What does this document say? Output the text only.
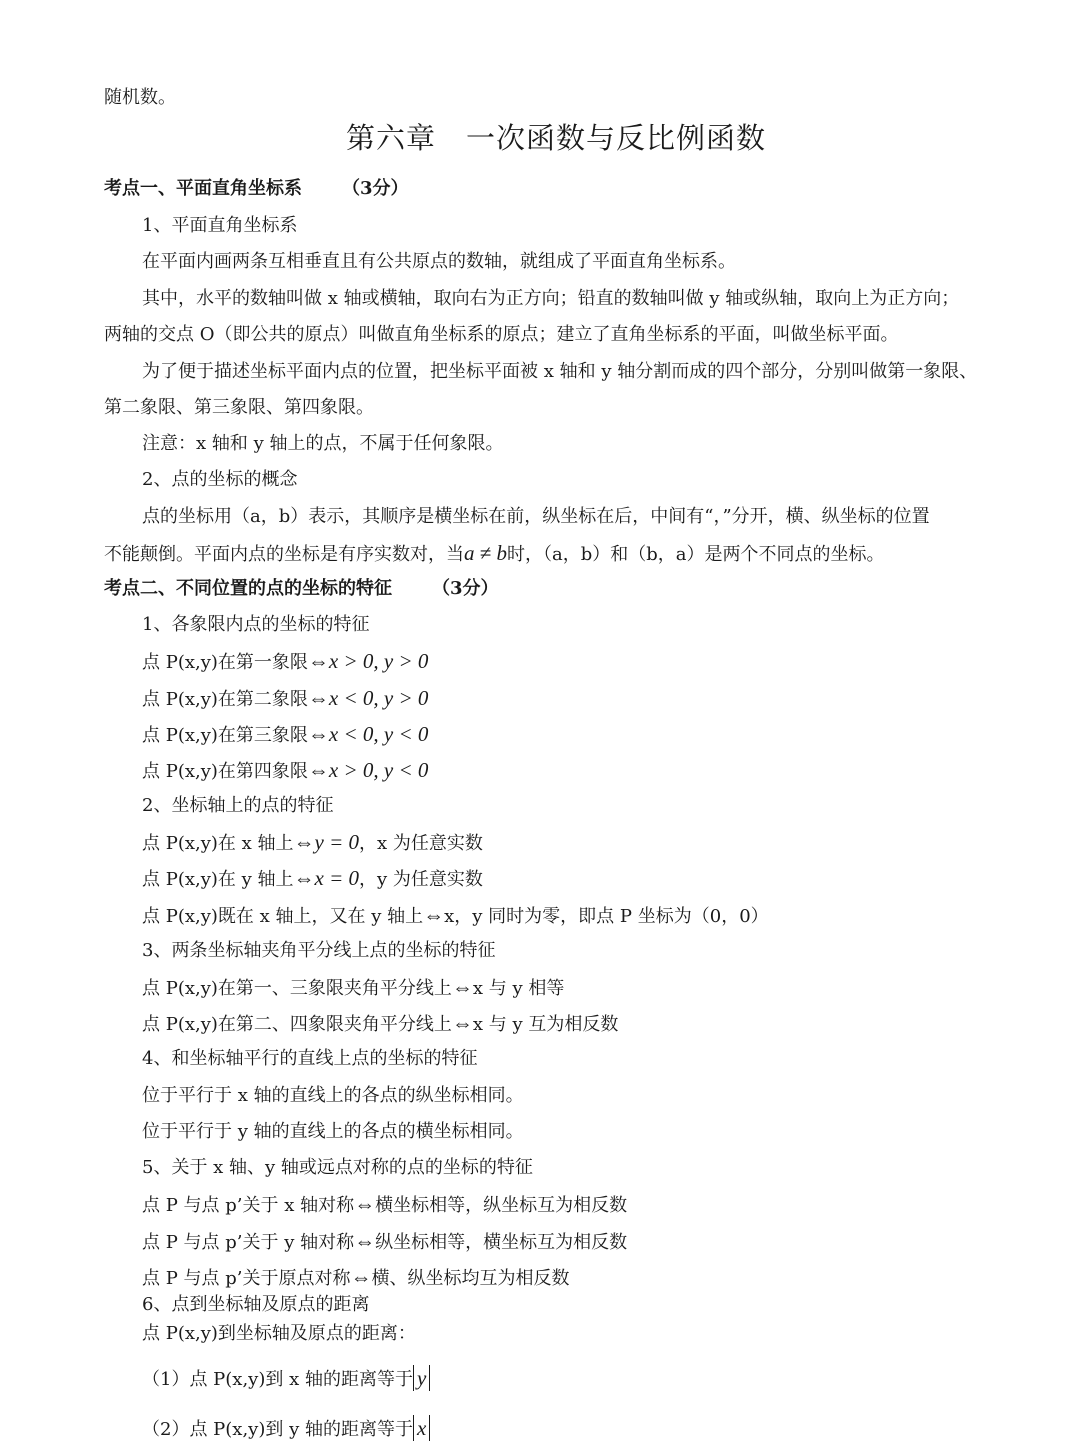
随机数。
第六章　一次函数与反比例函数
考点一、平面直角坐标系 （3分）
1、平面直角坐标系
在平面内画两条互相垂直且有公共原点的数轴，就组成了平面直角坐标系。
其中，水平的数轴叫做 x 轴或横轴，取向右为正方向；铅直的数轴叫做 y 轴或纵轴，取向上为正方向；
两轴的交点 O（即公共的原点）叫做直角坐标系的原点；建立了直角坐标系的平面，叫做坐标平面。
为了便于描述坐标平面内点的位置，把坐标平面被 x 轴和 y 轴分割而成的四个部分，分别叫做第一象限、
第二象限、第三象限、第四象限。
注意：x 轴和 y 轴上的点，不属于任何象限。
2、点的坐标的概念
点的坐标用（a，b）表示，其顺序是横坐标在前，纵坐标在后，中间有“，”分开，横、纵坐标的位置
不能颠倒。平面内点的坐标是有序实数对，当a ≠ b时，（a，b）和（b，a）是两个不同点的坐标。
考点二、不同位置的点的坐标的特征 （3分）
1、各象限内点的坐标的特征
点 P(x,y)在第一象限⇔x > 0, y > 0
点 P(x,y)在第二象限⇔x < 0, y > 0
点 P(x,y)在第三象限⇔x < 0, y < 0
点 P(x,y)在第四象限⇔x > 0, y < 0
2、坐标轴上的点的特征
点 P(x,y)在 x 轴上⇔y = 0，x 为任意实数
点 P(x,y)在 y 轴上⇔x = 0，y 为任意实数
点 P(x,y)既在 x 轴上，又在 y 轴上⇔x，y 同时为零，即点 P 坐标为（0，0）
3、两条坐标轴夹角平分线上点的坐标的特征
点 P(x,y)在第一、三象限夹角平分线上⇔x 与 y 相等
点 P(x,y)在第二、四象限夹角平分线上⇔x 与 y 互为相反数
4、和坐标轴平行的直线上点的坐标的特征
位于平行于 x 轴的直线上的各点的纵坐标相同。
位于平行于 y 轴的直线上的各点的横坐标相同。
5、关于 x 轴、y 轴或远点对称的点的坐标的特征
点 P 与点 p’关于 x 轴对称⇔横坐标相等，纵坐标互为相反数
点 P 与点 p’关于 y 轴对称⇔纵坐标相等，横坐标互为相反数
点 P 与点 p’关于原点对称⇔横、纵坐标均互为相反数
6、点到坐标轴及原点的距离
点 P(x,y)到坐标轴及原点的距离：
（1）点 P(x,y)到 x 轴的距离等于 y
（2）点 P(x,y)到 y 轴的距离等于 x
